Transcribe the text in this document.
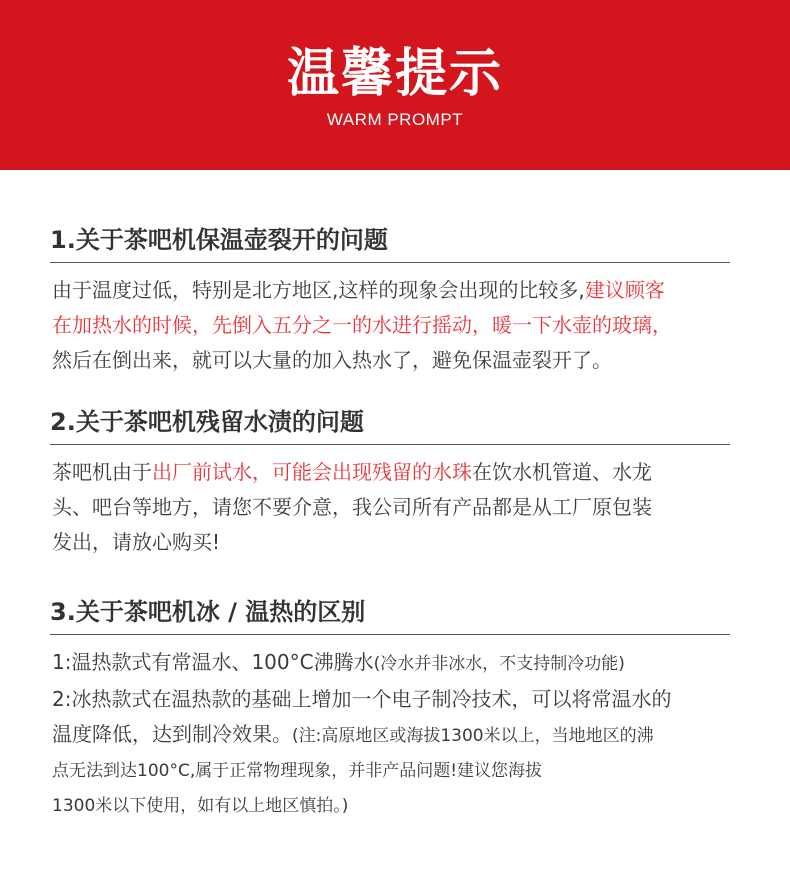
温馨提示
WARM PROMPT
1.关于茶吧机保温壶裂开的问题
由于温度过低，特别是北方地区,这样的现象会出现的比较多,建议顾客
在加热水的时候，先倒入五分之一的水进行摇动，暖一下水壶的玻璃，
然后在倒出来，就可以大量的加入热水了，避免保温壶裂开了。
2.关于茶吧机残留水渍的问题
茶吧机由于出厂前试水，可能会出现残留的水珠在饮水机管道、水龙
头、吧台等地方，请您不要介意，我公司所有产品都是从工厂原包装
发出，请放心购买!
3.关于茶吧机冰 / 温热的区别
1:温热款式有常温水、100°C沸腾水(冷水并非冰水，不支持制冷功能)
2:冰热款式在温热款的基础上增加一个电子制冷技术，可以将常温水的
温度降低，达到制冷效果。(注:高原地区或海拔1300米以上，当地地区的沸
点无法到达100°C,属于正常物理现象，并非产品问题!建议您海拔
1300米以下使用，如有以上地区慎拍。)
